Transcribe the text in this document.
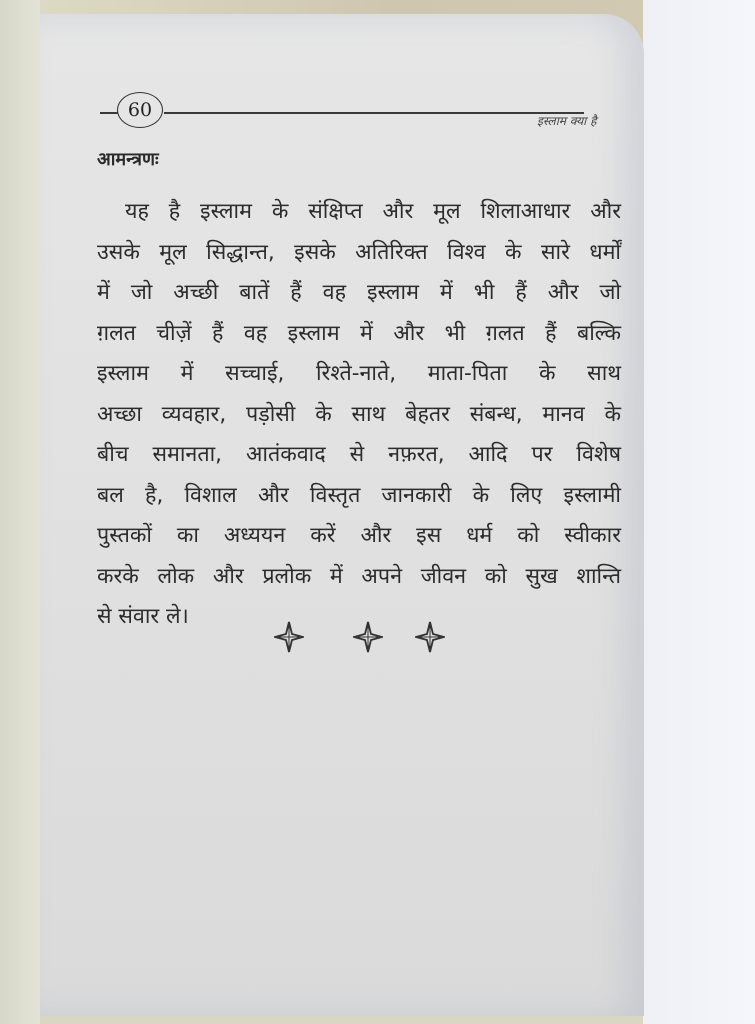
60	इस्लाम क्या है
आमन्त्रणः
यह है इस्लाम के संक्षिप्त और मूल शिलाआधार और
उसके मूल सिद्धान्त, इसके अतिरिक्त विश्व के सारे धर्मों
में जो अच्छी बातें हैं वह इस्लाम में भी हैं और जो
ग़लत चीज़ें हैं वह इस्लाम में और भी ग़लत हैं बल्कि
इस्लाम में सच्चाई, रिश्ते-नाते, माता-पिता के साथ
अच्छा व्यवहार, पड़ोसी के साथ बेहतर संबन्ध, मानव के
बीच समानता, आतंकवाद से नफ़रत, आदि पर विशेष
बल है, विशाल और विस्तृत जानकारी के लिए इस्लामी
पुस्तकों का अध्ययन करें और इस धर्म को स्वीकार
करके लोक और प्रलोक में अपने जीवन को सुख शान्ति
से संवार ले।
